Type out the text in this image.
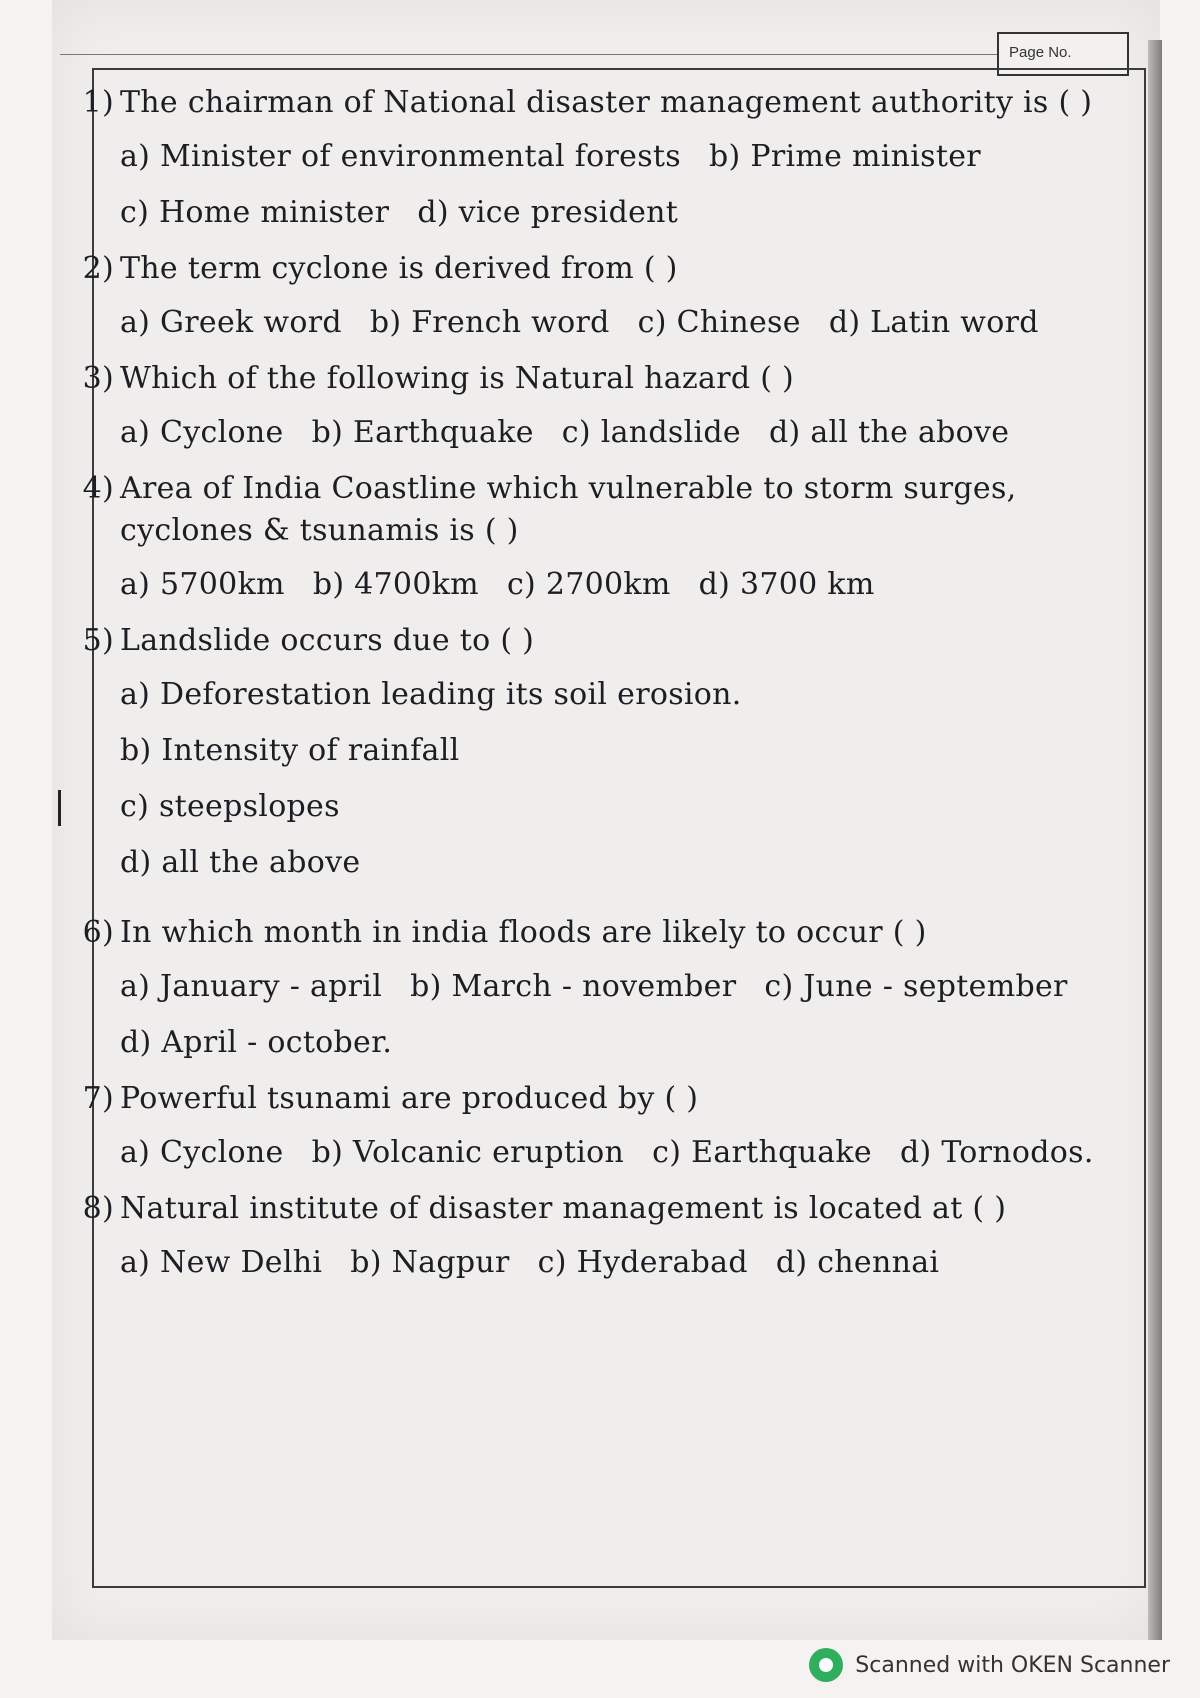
Page No.
1) The chairman of National disaster management authority is ( )
a) Minister of environmental forests b) Prime minister
c) Home minister d) vice president
2) The term cyclone is derived from ( )
a) Greek word b) French word c) Chinese d) Latin word
3) Which of the following is Natural hazard ( )
a) Cyclone b) Earthquake c) landslide d) all the above
4) Area of India Coastline which vulnerable to storm surges, cyclones & tsunamis is ( )
a) 5700km b) 4700km c) 2700km d) 3700 km
5) Landslide occurs due to ( )
a) Deforestation leading its soil erosion.
b) Intensity of rainfall
c) steepslopes
d) all the above
6) In which month in india floods are likely to occur ( )
a) January - april b) March - november c) June - september
d) April - october.
7) Powerful tsunami are produced by ( )
a) Cyclone b) Volcanic eruption c) Earthquake d) Tornodos.
8) Natural institute of disaster management is located at ( )
a) New Delhi b) Nagpur c) Hyderabad d) chennai
Scanned with OKEN Scanner
